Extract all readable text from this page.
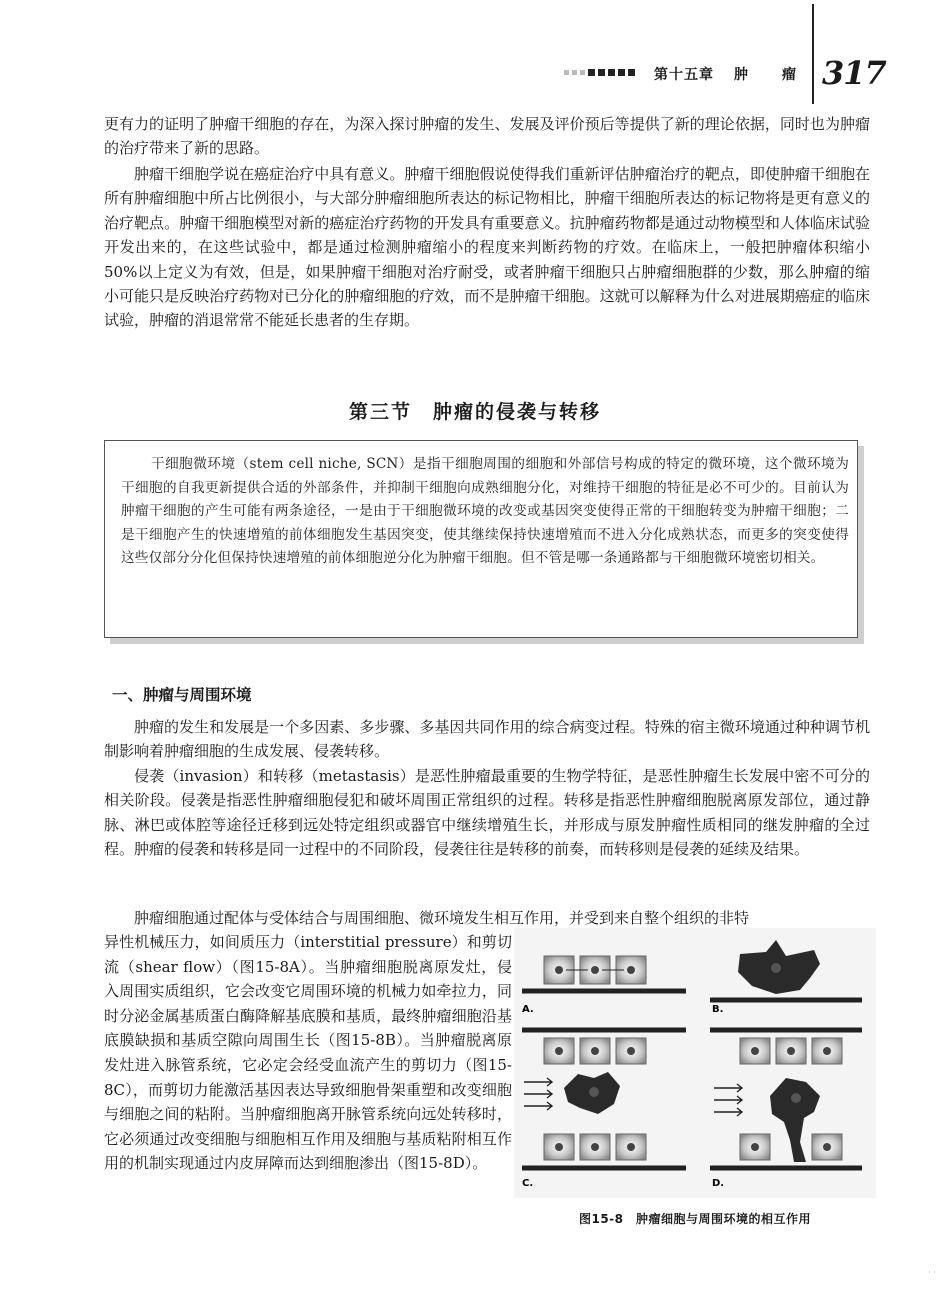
第十五章 肿 瘤 317

更有力的证明了肿瘤干细胞的存在，为深入探讨肿瘤的发生、发展及评价预后等提供了新的理论依据，同时也为肿瘤的治疗带来了新的思路。

肿瘤干细胞学说在癌症治疗中具有意义。肿瘤干细胞假说使得我们重新评估肿瘤治疗的靶点，即使肿瘤干细胞在所有肿瘤细胞中所占比例很小，与大部分肿瘤细胞所表达的标记物相比，肿瘤干细胞所表达的标记物将是更有意义的治疗靶点。肿瘤干细胞模型对新的癌症治疗药物的开发具有重要意义。抗肿瘤药物都是通过动物模型和人体临床试验开发出来的，在这些试验中，都是通过检测肿瘤缩小的程度来判断药物的疗效。在临床上，一般把肿瘤体积缩小50%以上定义为有效，但是，如果肿瘤干细胞对治疗耐受，或者肿瘤干细胞只占肿瘤细胞群的少数，那么肿瘤的缩小可能只是反映治疗药物对已分化的肿瘤细胞的疗效，而不是肿瘤干细胞。这就可以解释为什么对进展期癌症的临床试验，肿瘤的消退常常不能延长患者的生存期。

第三节　肿瘤的侵袭与转移

干细胞微环境（stem cell niche, SCN）是指干细胞周围的细胞和外部信号构成的特定的微环境，这个微环境为干细胞的自我更新提供合适的外部条件，并抑制干细胞向成熟细胞分化，对维持干细胞的特征是必不可少的。目前认为肿瘤干细胞的产生可能有两条途径，一是由于干细胞微环境的改变或基因突变使得正常的干细胞转变为肿瘤干细胞；二是干细胞产生的快速增殖的前体细胞发生基因突变，使其继续保持快速增殖而不进入分化成熟状态，而更多的突变使得这些仅部分分化但保持快速增殖的前体细胞逆分化为肿瘤干细胞。但不管是哪一条通路都与干细胞微环境密切相关。

一、肿瘤与周围环境

肿瘤的发生和发展是一个多因素、多步骤、多基因共同作用的综合病变过程。特殊的宿主微环境通过种种调节机制影响着肿瘤细胞的生成发展、侵袭转移。

侵袭（invasion）和转移（metastasis）是恶性肿瘤最重要的生物学特征，是恶性肿瘤生长发展中密不可分的相关阶段。侵袭是指恶性肿瘤细胞侵犯和破坏周围正常组织的过程。转移是指恶性肿瘤细胞脱离原发部位，通过静脉、淋巴或体腔等途径迁移到远处特定组织或器官中继续增殖生长，并形成与原发肿瘤性质相同的继发肿瘤的全过程。肿瘤的侵袭和转移是同一过程中的不同阶段，侵袭往往是转移的前奏，而转移则是侵袭的延续及结果。

肿瘤细胞通过配体与受体结合与周围细胞、微环境发生相互作用，并受到来自整个组织的非特

异性机械压力，如间质压力（interstitial pressure）和剪切流（shear flow）（图15-8A）。当肿瘤细胞脱离原发灶，侵入周围实质组织，它会改变它周围环境的机械力如牵拉力，同时分泌金属基质蛋白酶降解基底膜和基质，最终肿瘤细胞沿基底膜缺损和基质空隙向周围生长（图15-8B）。当肿瘤脱离原发灶进入脉管系统，它必定会经受血流产生的剪切力（图15-8C），而剪切力能激活基因表达导致细胞骨架重塑和改变细胞与细胞之间的粘附。当肿瘤细胞离开脉管系统向远处转移时，它必须通过改变细胞与细胞相互作用及细胞与基质粘附相互作用的机制实现通过内皮屏障而达到细胞渗出（图15-8D）。

A.	B.
C.	D.
图15-8　肿瘤细胞与周围环境的相互作用
· ·
